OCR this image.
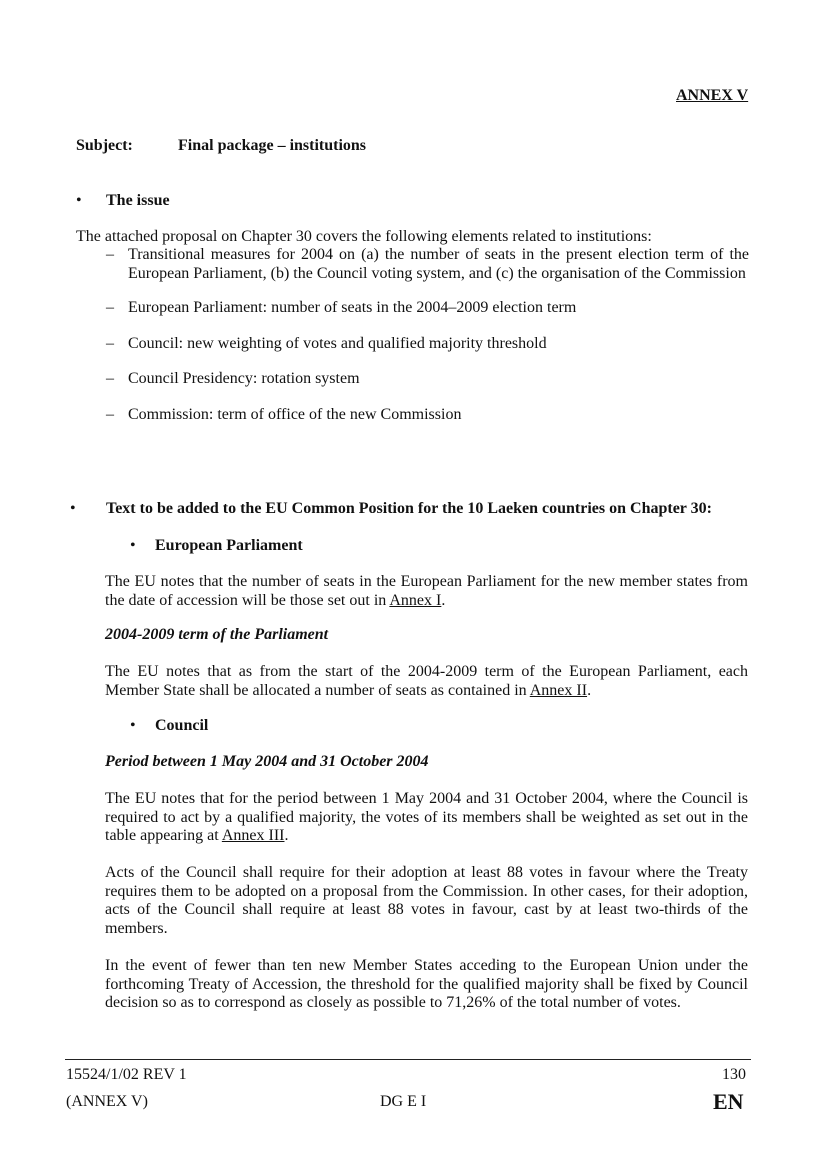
ANNEX V
Subject:	Final package – institutions
• The issue

The attached proposal on Chapter 30 covers the following elements related to institutions:

– Transitional measures for 2004 on (a) the number of seats in the present election term of the European Parliament, (b) the Council voting system, and (c) the organisation of the Commission
– European Parliament: number of seats in the 2004–2009 election term
– Council: new weighting of votes and qualified majority threshold
– Council Presidency: rotation system
– Commission: term of office of the new Commission
• Text to be added to the EU Common Position for the 10 Laeken countries on Chapter 30:
• European Parliament

The EU notes that the number of seats in the European Parliament for the new member states from the date of accession will be those set out in Annex I.

2004-2009 term of the Parliament

The EU notes that as from the start of the 2004-2009 term of the European Parliament, each Member State shall be allocated a number of seats as contained in Annex II.

• Council

Period between 1 May 2004 and 31 October 2004

The EU notes that for the period between 1 May 2004 and 31 October 2004, where the Council is required to act by a qualified majority, the votes of its members shall be weighted as set out in the table appearing at Annex III.

Acts of the Council shall require for their adoption at least 88 votes in favour where the Treaty requires them to be adopted on a proposal from the Commission. In other cases, for their adoption, acts of the Council shall require at least 88 votes in favour, cast by at least two-thirds of the members.

In the event of fewer than ten new Member States acceding to the European Union under the forthcoming Treaty of Accession, the threshold for the qualified majority shall be fixed by Council decision so as to correspond as closely as possible to 71,26% of the total number of votes.

15524/1/02 REV 1	130
(ANNEX V)	DG E I	EN
